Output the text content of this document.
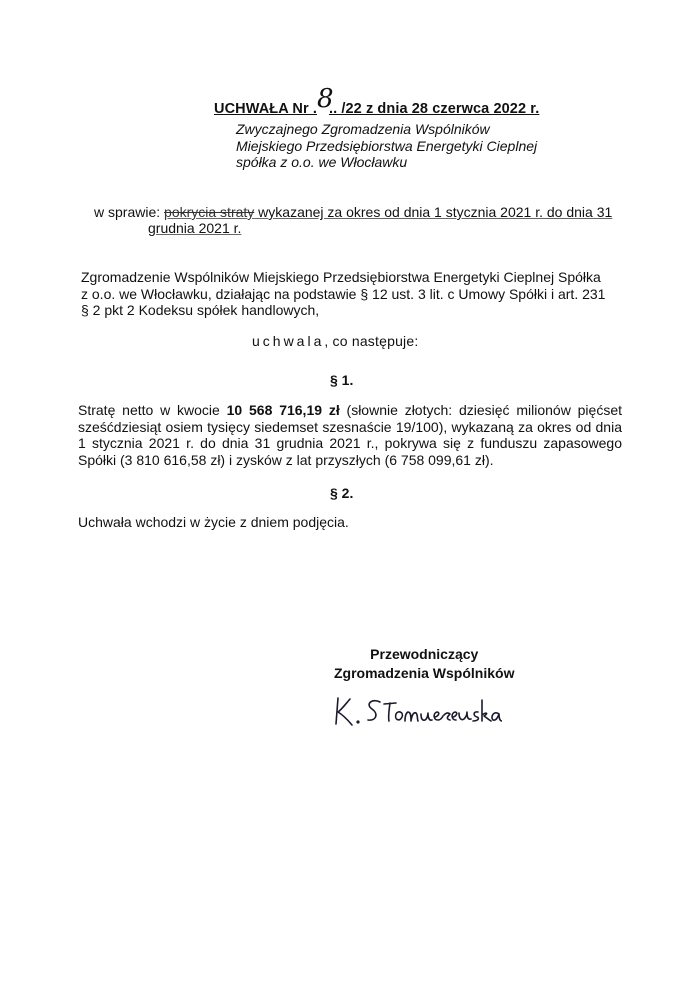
UCHWAŁA Nr .8.. /22 z dnia 28 czerwca 2022 r.
Zwyczajnego Zgromadzenia Wspólników
Miejskiego Przedsiębiorstwa Energetyki Cieplnej
spółka z o.o. we Włocławku
w sprawie: pokrycia straty wykazanej za okres od dnia 1 stycznia 2021 r. do dnia 31
grudnia 2021 r.
Zgromadzenie Wspólników Miejskiego Przedsiębiorstwa Energetyki Cieplnej Spółka
z o.o. we Włocławku, działając na podstawie § 12 ust. 3 lit. c Umowy Spółki i art. 231
§ 2 pkt 2 Kodeksu spółek handlowych,
uchwala, co następuje:
§ 1.
Stratę netto w kwocie 10 568 716,19 zł (słownie złotych: dziesięć milionów pięćset sześćdziesiąt osiem tysięcy siedemset szesnaście 19/100), wykazaną za okres od dnia 1 stycznia 2021 r. do dnia 31 grudnia 2021 r., pokrywa się z funduszu zapasowego Spółki (3 810 616,58 zł) i zysków z lat przyszłych (6 758 099,61 zł).
§ 2.
Uchwała wchodzi w życie z dniem podjęcia.
Przewodniczący
Zgromadzenia Wspólników
